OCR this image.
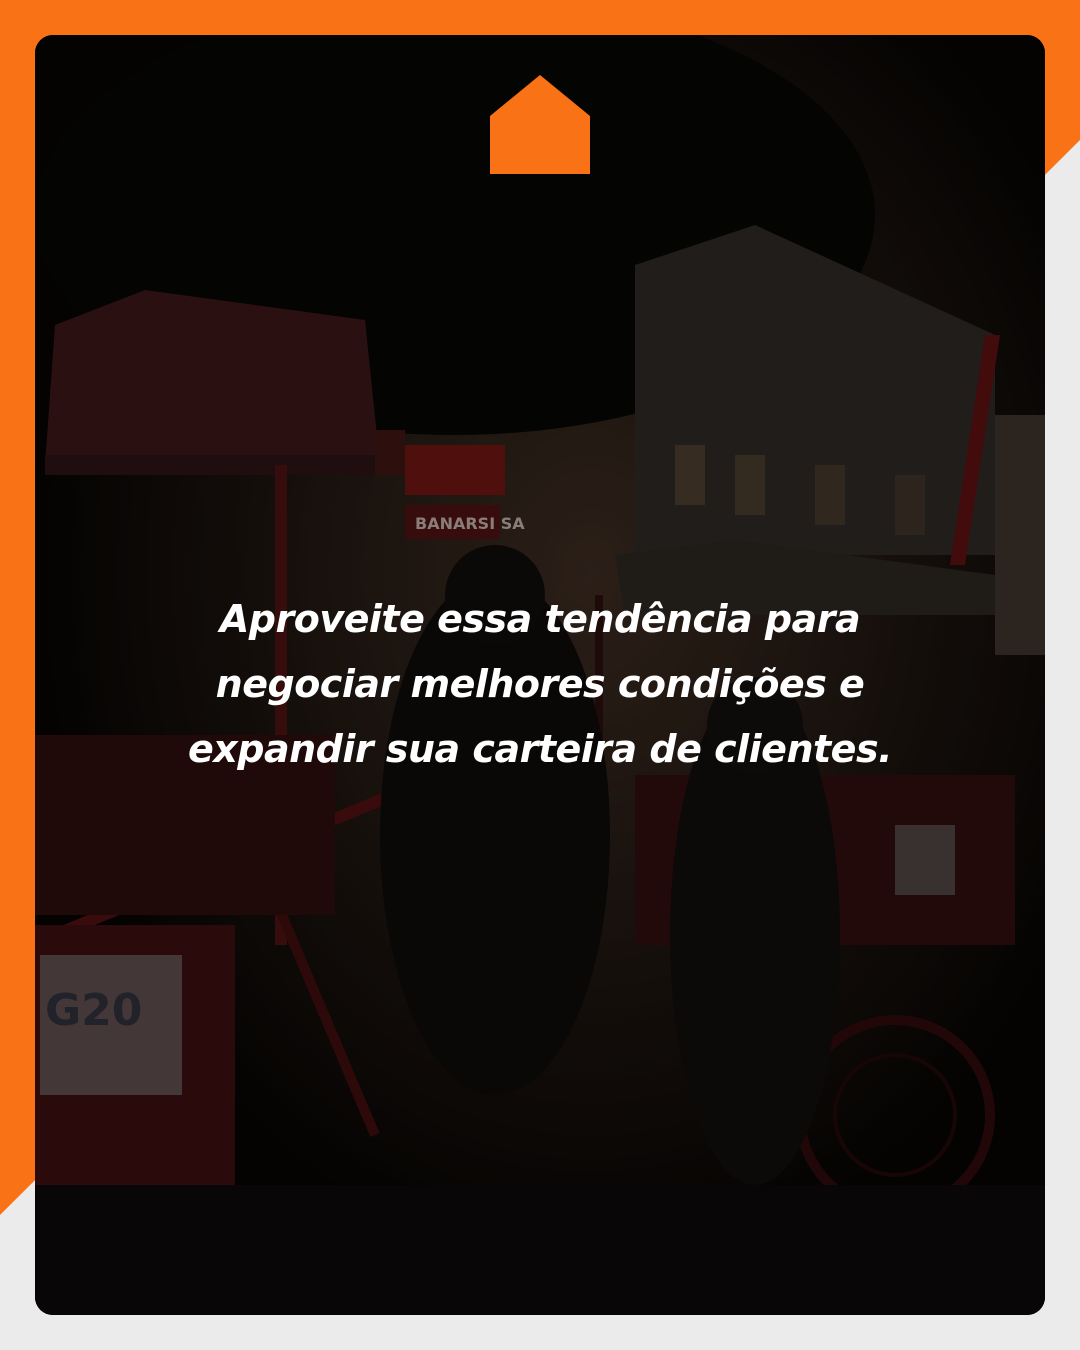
BANARSI SA
G20

Aproveite essa tendência para negociar melhores condições e expandir sua carteira de clientes.
